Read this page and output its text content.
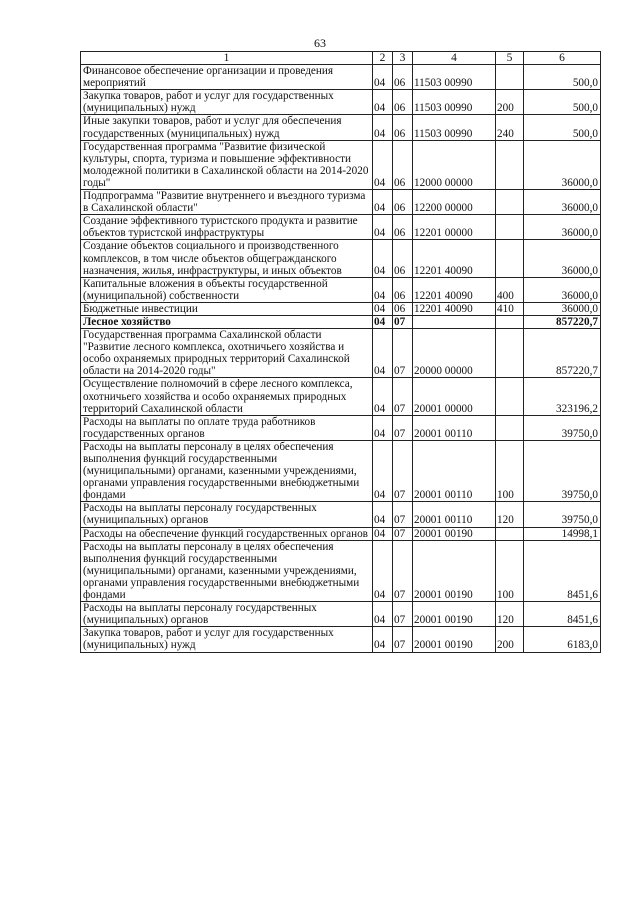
63
1	2	3	4	5	6
Финансовое обеспечение организации и проведения мероприятий	04	06	11503 00990		500,0
Закупка товаров, работ и услуг для государственных (муниципальных) нужд	04	06	11503 00990	200	500,0
Иные закупки товаров, работ и услуг для обеспечения государственных (муниципальных) нужд	04	06	11503 00990	240	500,0
Государственная программа "Развитие физической культуры, спорта, туризма и повышение эффективности молодежной политики в Сахалинской области на 2014-2020 годы"	04	06	12000 00000		36000,0
Подпрограмма "Развитие внутреннего и въездного туризма в Сахалинской области"	04	06	12200 00000		36000,0
Создание эффективного туристского продукта и развитие объектов туристской инфраструктуры	04	06	12201 00000		36000,0
Создание объектов социального и производственного комплексов, в том числе объектов общегражданского назначения, жилья, инфраструктуры, и иных объектов	04	06	12201 40090		36000,0
Капитальные вложения в объекты государственной (муниципальной) собственности	04	06	12201 40090	400	36000,0
Бюджетные инвестиции	04	06	12201 40090	410	36000,0
Лесное хозяйство	04	07			857220,7
Государственная программа Сахалинской области "Развитие лесного комплекса, охотничьего хозяйства и особо охраняемых природных территорий Сахалинской области на 2014-2020 годы"	04	07	20000 00000		857220,7
Осуществление полномочий в сфере лесного комплекса, охотничьего хозяйства и особо охраняемых природных территорий Сахалинской области	04	07	20001 00000		323196,2
Расходы на выплаты по оплате труда работников государственных органов	04	07	20001 00110		39750,0
Расходы на выплаты персоналу в целях обеспечения выполнения функций государственными (муниципальными) органами, казенными учреждениями, органами управления государственными внебюджетными фондами	04	07	20001 00110	100	39750,0
Расходы на выплаты персоналу государственных (муниципальных) органов	04	07	20001 00110	120	39750,0
Расходы на обеспечение функций государственных органов	04	07	20001 00190		14998,1
Расходы на выплаты персоналу в целях обеспечения выполнения функций государственными (муниципальными) органами, казенными учреждениями, органами управления государственными внебюджетными фондами	04	07	20001 00190	100	8451,6
Расходы на выплаты персоналу государственных (муниципальных) органов	04	07	20001 00190	120	8451,6
Закупка товаров, работ и услуг для государственных (муниципальных) нужд	04	07	20001 00190	200	6183,0
